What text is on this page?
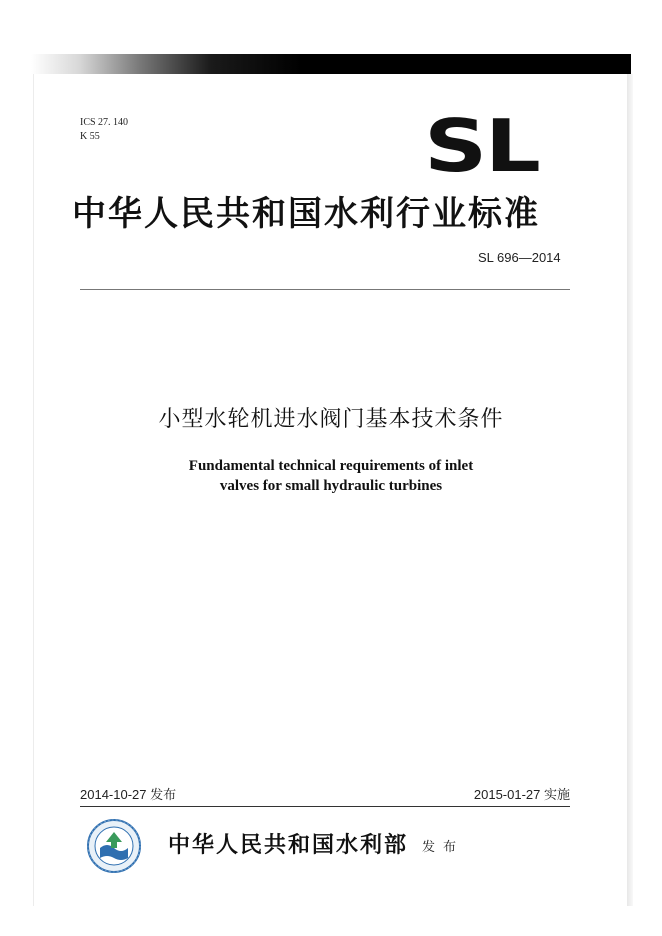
ICS 27. 140
K 55	SL
中华人民共和国水利行业标准
SL 696—2014
小型水轮机进水阀门基本技术条件
Fundamental technical requirements of inlet
valves for small hydraulic turbines
2014-10-27 发布	2015-01-27 实施
中华人民共和国水利部 发布
